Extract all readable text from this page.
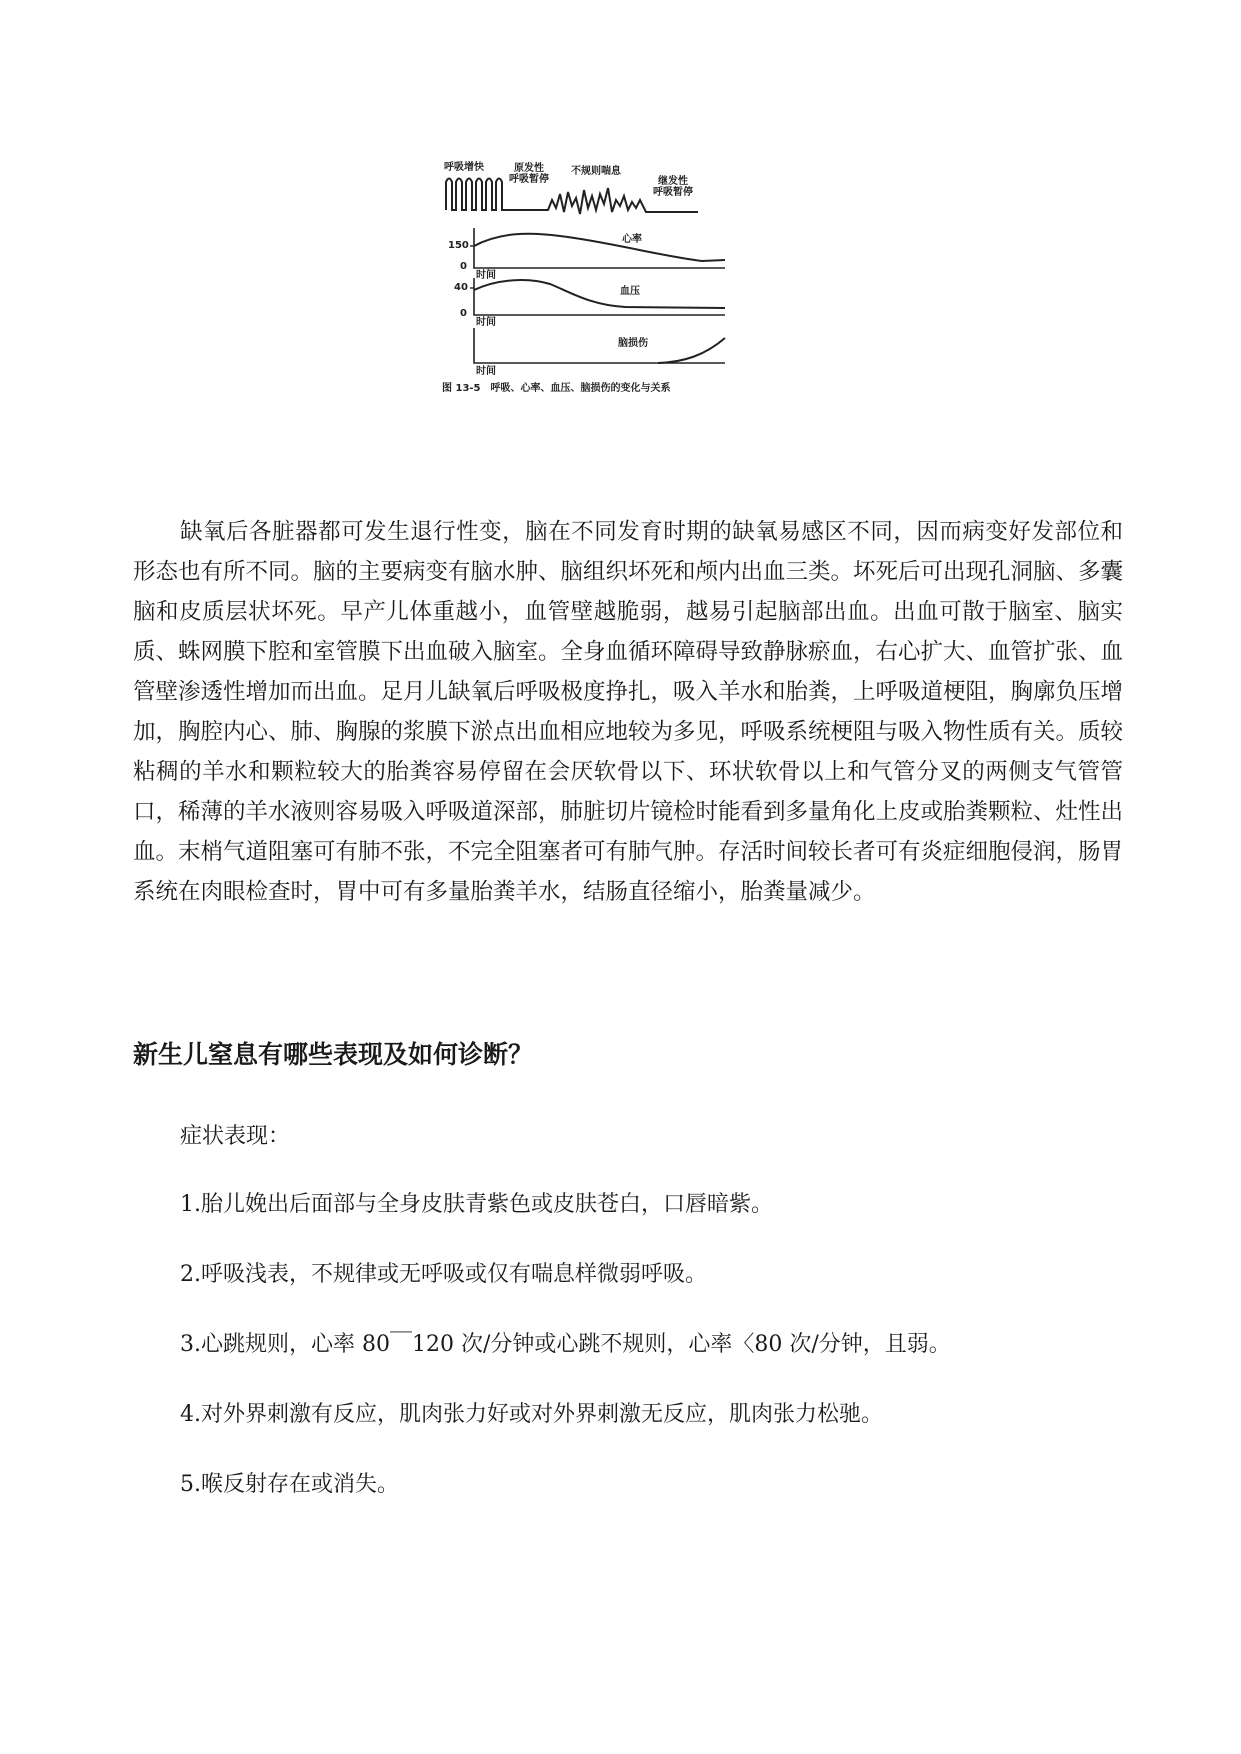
呼吸增快	原发性
呼吸暂停
不规则喘息
继发性
呼吸暂停
150
0
心率
时间
40
0
血压
时间
脑损伤
时间
图 13-5　呼吸、心率、血压、脑损伤的变化与关系

缺氧后各脏器都可发生退行性变，脑在不同发育时期的缺氧易感区不同，因而病变好发部位和形态也有所不同。脑的主要病变有脑水肿、脑组织坏死和颅内出血三类。坏死后可出现孔洞脑、多囊脑和皮质层状坏死。早产儿体重越小，血管壁越脆弱，越易引起脑部出血。出血可散于脑室、脑实质、蛛网膜下腔和室管膜下出血破入脑室。全身血循环障碍导致静脉瘀血，右心扩大、血管扩张、血管壁渗透性增加而出血。足月儿缺氧后呼吸极度挣扎，吸入羊水和胎粪，上呼吸道梗阻，胸廓负压增加，胸腔内心、肺、胸腺的浆膜下淤点出血相应地较为多见，呼吸系统梗阻与吸入物性质有关。质较粘稠的羊水和颗粒较大的胎粪容易停留在会厌软骨以下、环状软骨以上和气管分叉的两侧支气管管口，稀薄的羊水液则容易吸入呼吸道深部，肺脏切片镜检时能看到多量角化上皮或胎粪颗粒、灶性出血。末梢气道阻塞可有肺不张，不完全阻塞者可有肺气肿。存活时间较长者可有炎症细胞侵润，肠胃系统在肉眼检查时，胃中可有多量胎粪羊水，结肠直径缩小，胎粪量减少。

新生儿窒息有哪些表现及如何诊断？
症状表现：
1.胎儿娩出后面部与全身皮肤青紫色或皮肤苍白，口唇暗紫。
2.呼吸浅表，不规律或无呼吸或仅有喘息样微弱呼吸。
3.心跳规则，心率 80￣120 次/分钟或心跳不规则，心率〈80 次/分钟，且弱。
4.对外界刺激有反应，肌肉张力好或对外界刺激无反应，肌肉张力松驰。
5.喉反射存在或消失。
